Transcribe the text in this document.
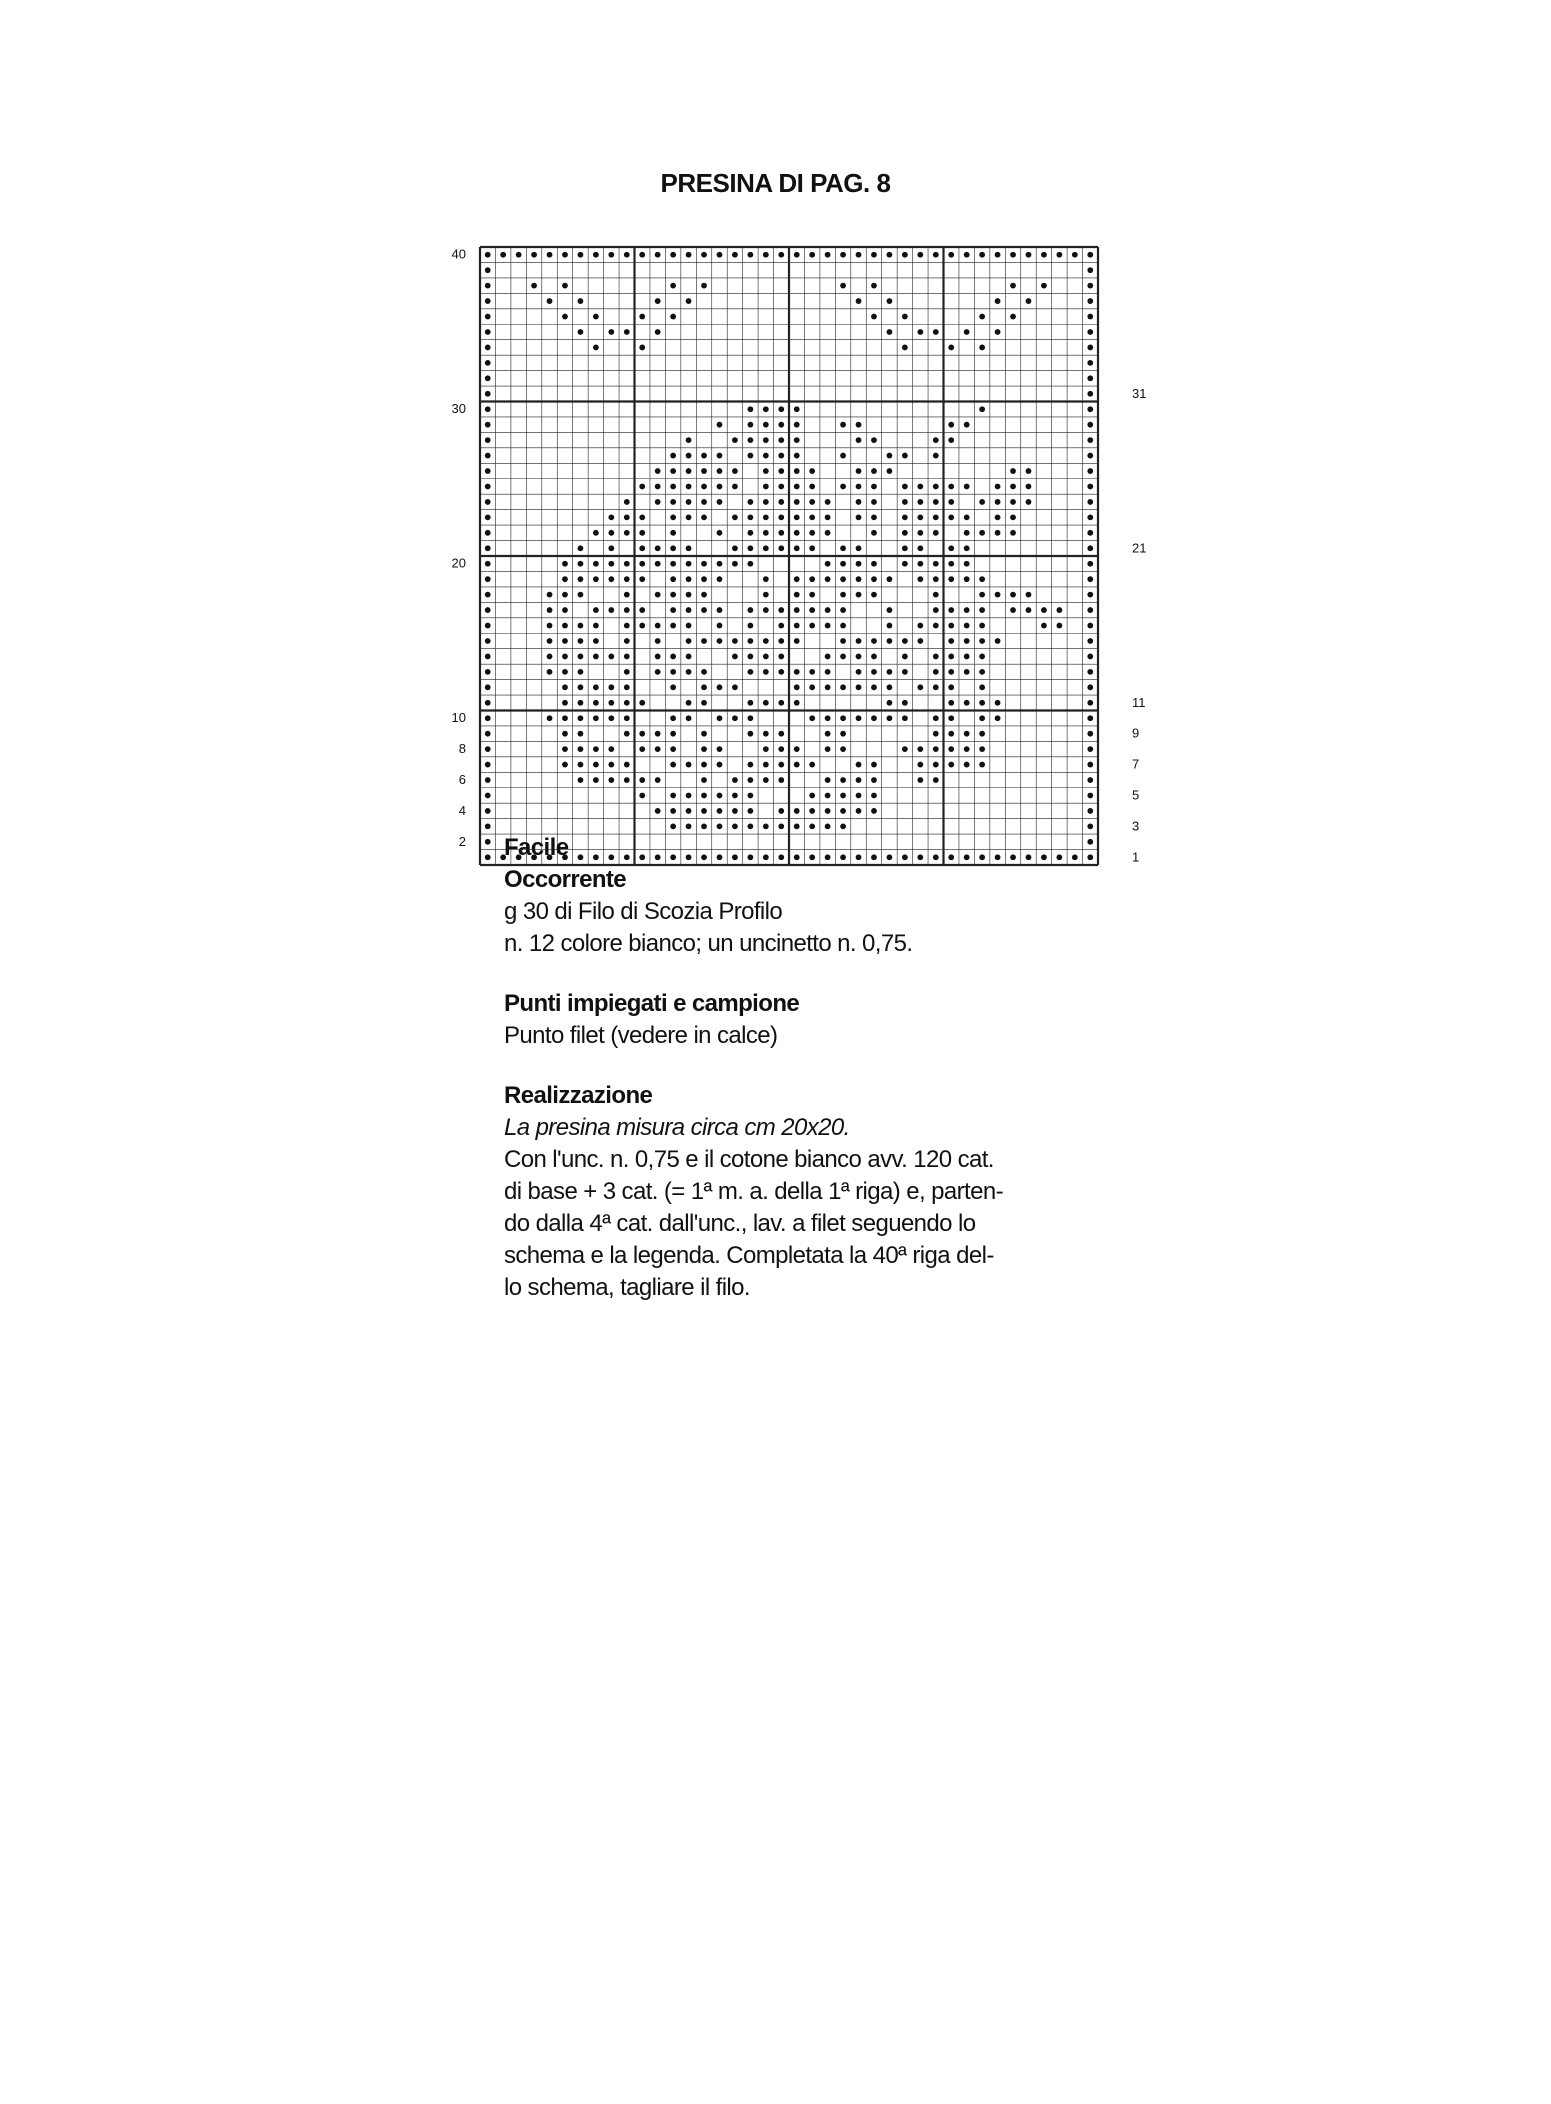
PRESINA DI PAG. 8
40
30
20
10
8
6
4
2
31
21
11
9
7
5
3
1

Facile

Occorrente

g 30 di Filo di Scozia Profilo

n. 12 colore bianco; un uncinetto n. 0,75.

Punti impiegati e campione

Punto filet (vedere in calce)

Realizzazione

La presina misura circa cm 20x20.

Con l'unc. n. 0,75 e il cotone bianco avv. 120 cat.

di base + 3 cat. (= 1ª m. a. della 1ª riga) e, parten-

do dalla 4ª cat. dall'unc., lav. a filet seguendo lo

schema e la legenda. Completata la 40ª riga del-

lo schema, tagliare il filo.
